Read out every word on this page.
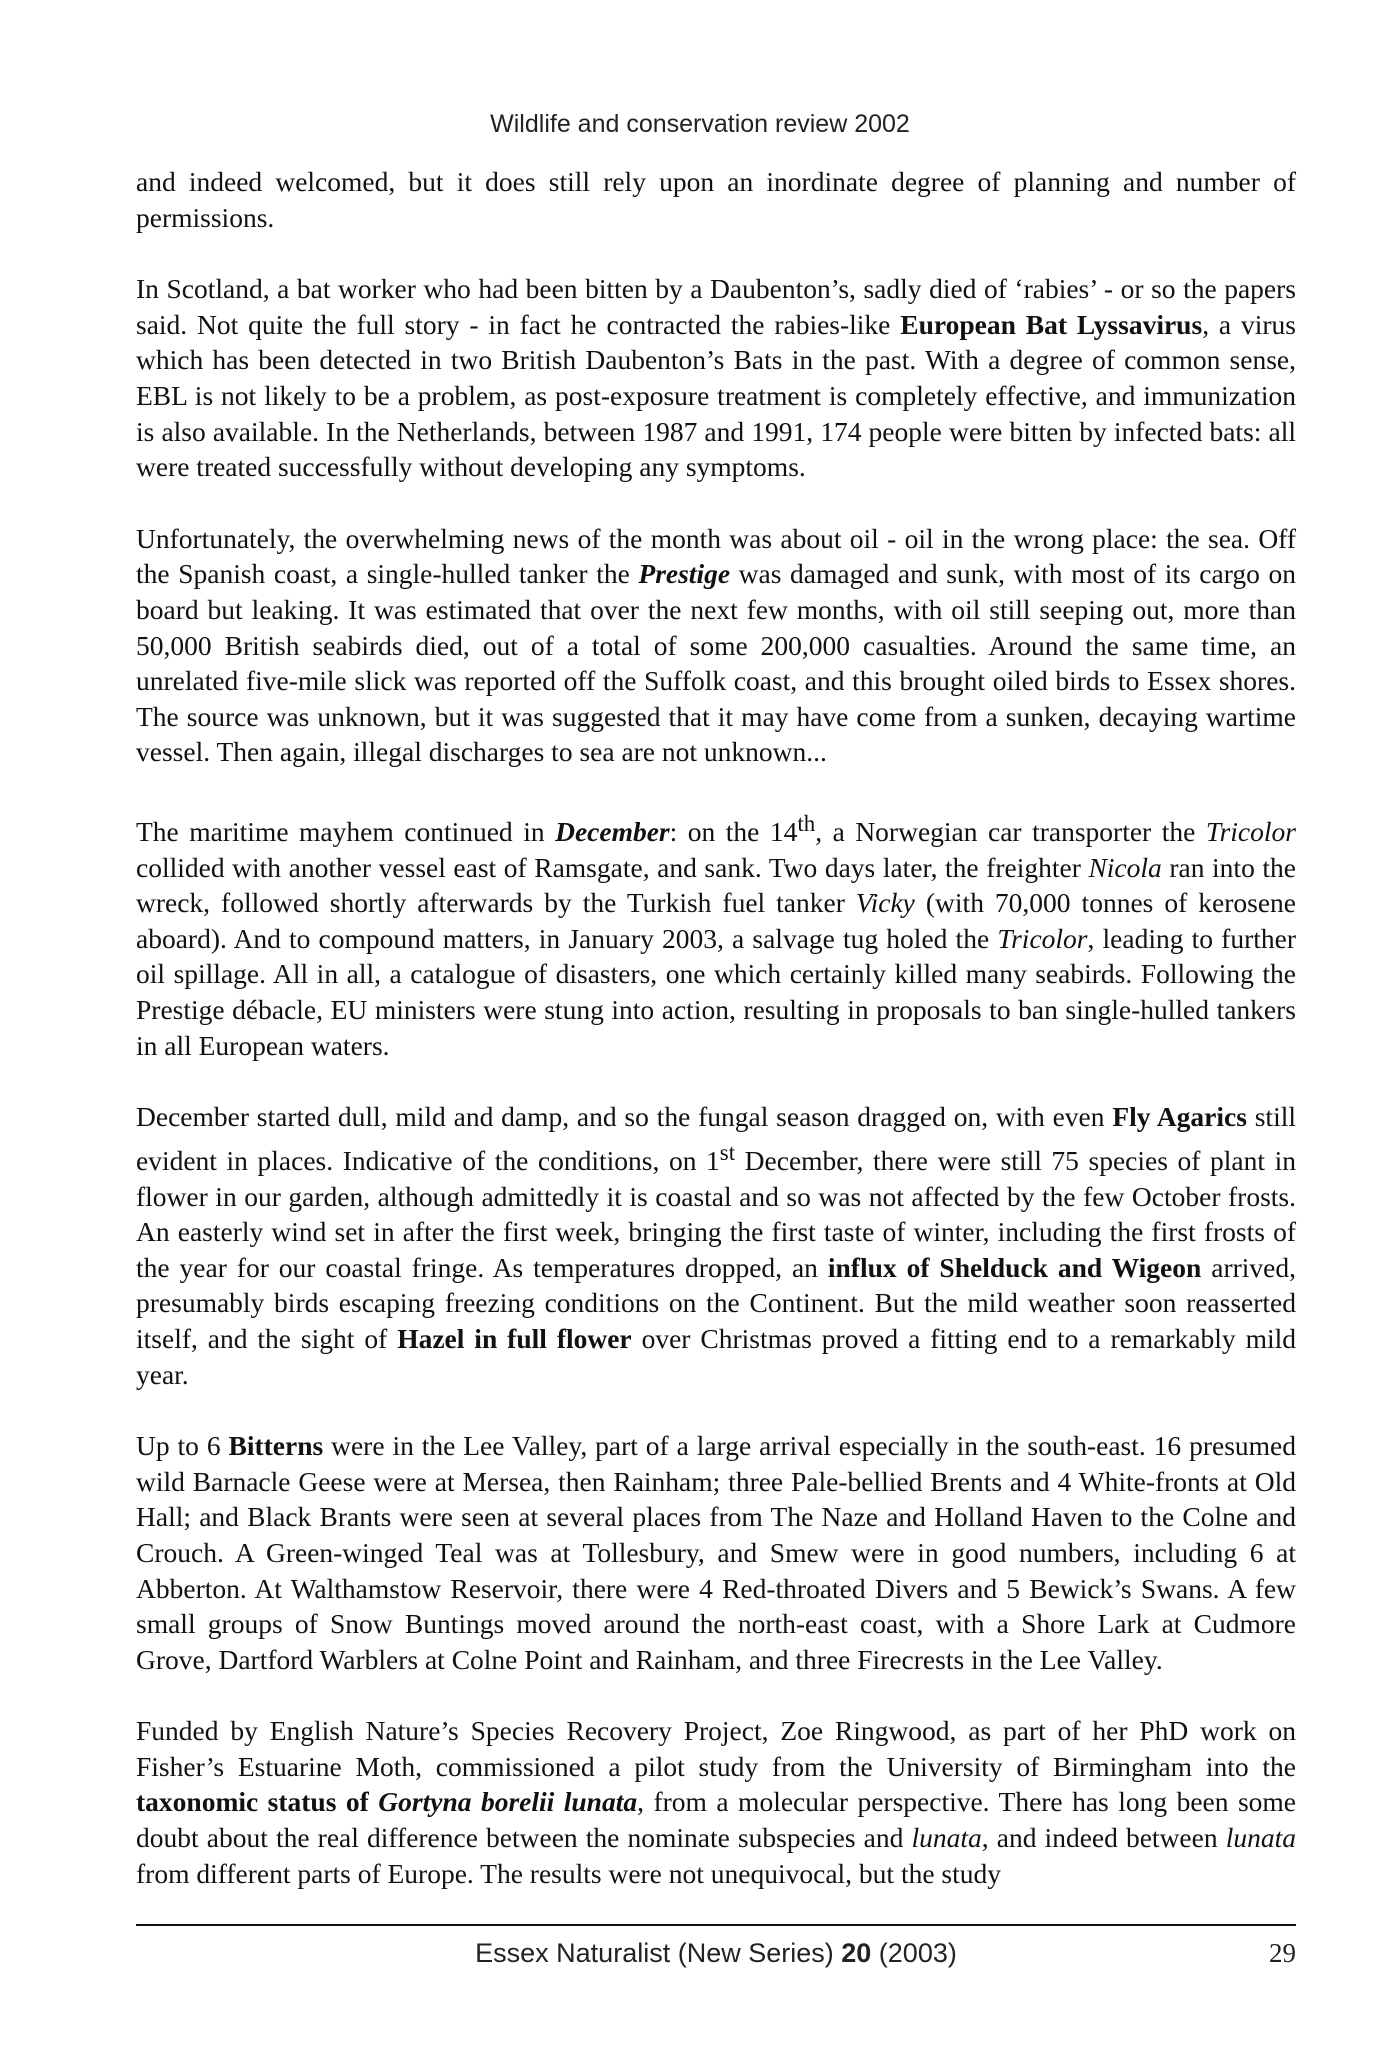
Wildlife and conservation review 2002

and indeed welcomed, but it does still rely upon an inordinate degree of planning and number of permissions.

In Scotland, a bat worker who had been bitten by a Daubenton’s, sadly died of ‘rabies’ - or so the papers said. Not quite the full story - in fact he contracted the rabies-like European Bat Lyssavirus, a virus which has been detected in two British Daubenton’s Bats in the past. With a degree of common sense, EBL is not likely to be a problem, as post-exposure treatment is completely effective, and immunization is also available. In the Netherlands, between 1987 and 1991, 174 people were bitten by infected bats: all were treated successfully without developing any symptoms.

Unfortunately, the overwhelming news of the month was about oil - oil in the wrong place: the sea. Off the Spanish coast, a single-hulled tanker the Prestige was damaged and sunk, with most of its cargo on board but leaking. It was estimated that over the next few months, with oil still seeping out, more than 50,000 British seabirds died, out of a total of some 200,000 casualties. Around the same time, an unrelated five-mile slick was reported off the Suffolk coast, and this brought oiled birds to Essex shores. The source was unknown, but it was suggested that it may have come from a sunken, decaying wartime vessel. Then again, illegal discharges to sea are not unknown...

The maritime mayhem continued in December: on the 14th, a Norwegian car transporter the Tricolor collided with another vessel east of Ramsgate, and sank. Two days later, the freighter Nicola ran into the wreck, followed shortly afterwards by the Turkish fuel tanker Vicky (with 70,000 tonnes of kerosene aboard). And to compound matters, in January 2003, a salvage tug holed the Tricolor, leading to further oil spillage. All in all, a catalogue of disasters, one which certainly killed many seabirds. Following the Prestige débacle, EU ministers were stung into action, resulting in proposals to ban single-hulled tankers in all European waters.

December started dull, mild and damp, and so the fungal season dragged on, with even Fly Agarics still evident in places. Indicative of the conditions, on 1st December, there were still 75 species of plant in flower in our garden, although admittedly it is coastal and so was not affected by the few October frosts. An easterly wind set in after the first week, bringing the first taste of winter, including the first frosts of the year for our coastal fringe. As temperatures dropped, an influx of Shelduck and Wigeon arrived, presumably birds escaping freezing conditions on the Continent. But the mild weather soon reasserted itself, and the sight of Hazel in full flower over Christmas proved a fitting end to a remarkably mild year.

Up to 6 Bitterns were in the Lee Valley, part of a large arrival especially in the south-east. 16 presumed wild Barnacle Geese were at Mersea, then Rainham; three Pale-bellied Brents and 4 White-fronts at Old Hall; and Black Brants were seen at several places from The Naze and Holland Haven to the Colne and Crouch. A Green-winged Teal was at Tollesbury, and Smew were in good numbers, including 6 at Abberton. At Walthamstow Reservoir, there were 4 Red-throated Divers and 5 Bewick’s Swans. A few small groups of Snow Buntings moved around the north-east coast, with a Shore Lark at Cudmore Grove, Dartford Warblers at Colne Point and Rainham, and three Firecrests in the Lee Valley.

Funded by English Nature’s Species Recovery Project, Zoe Ringwood, as part of her PhD work on Fisher’s Estuarine Moth, commissioned a pilot study from the University of Birmingham into the taxonomic status of Gortyna borelii lunata, from a molecular perspective. There has long been some doubt about the real difference between the nominate subspecies and lunata, and indeed between lunata from different parts of Europe. The results were not unequivocal, but the study

Essex Naturalist (New Series) 20 (2003)	29
